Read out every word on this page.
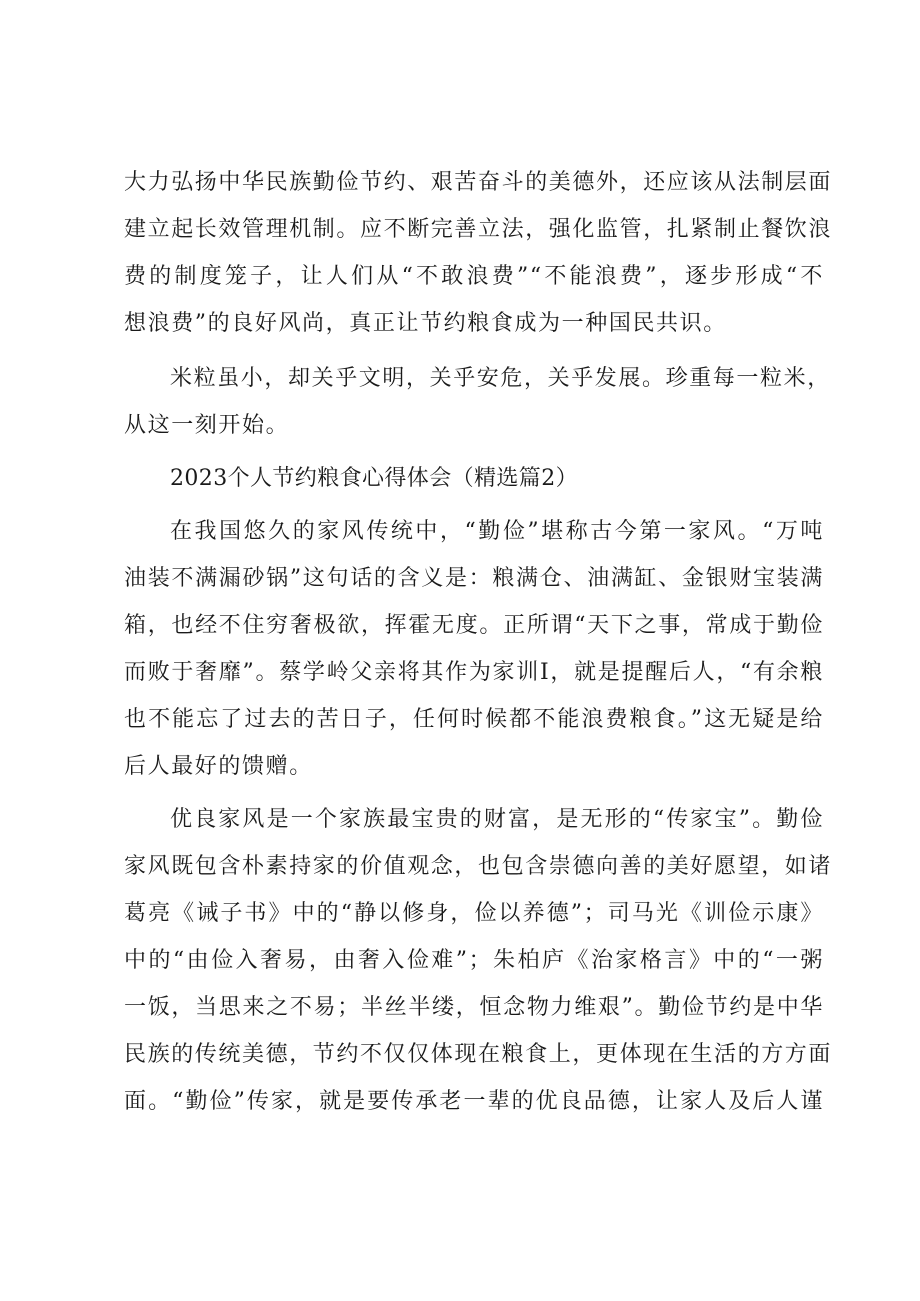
大力弘扬中华民族勤俭节约、艰苦奋斗的美德外，还应该从法制层面
建立起长效管理机制。应不断完善立法，强化监管，扎紧制止餐饮浪
费的制度笼子，让人们从“不敢浪费”“不能浪费”，逐步形成“不
想浪费”的良好风尚，真正让节约粮食成为一种国民共识。
米粒虽小，却关乎文明，关乎安危，关乎发展。珍重每一粒米，
从这一刻开始。
2023个人节约粮食心得体会（精选篇2）
在我国悠久的家风传统中，“勤俭”堪称古今第一家风。“万吨
油装不满漏砂锅”这句话的含义是：粮满仓、油满缸、金银财宝装满
箱，也经不住穷奢极欲，挥霍无度。正所谓“天下之事，常成于勤俭
而败于奢靡”。蔡学岭父亲将其作为家训I，就是提醒后人，“有余粮
也不能忘了过去的苦日子，任何时候都不能浪费粮食。”这无疑是给
后人最好的馈赠。
优良家风是一个家族最宝贵的财富，是无形的“传家宝”。勤俭
家风既包含朴素持家的价值观念，也包含崇德向善的美好愿望，如诸
葛亮《诫子书》中的“静以修身，俭以养德”；司马光《训俭示康》
中的“由俭入奢易，由奢入俭难”；朱柏庐《治家格言》中的“一粥
一饭，当思来之不易；半丝半缕，恒念物力维艰”。勤俭节约是中华
民族的传统美德，节约不仅仅体现在粮食上，更体现在生活的方方面
面。“勤俭”传家，就是要传承老一辈的优良品德，让家人及后人谨
